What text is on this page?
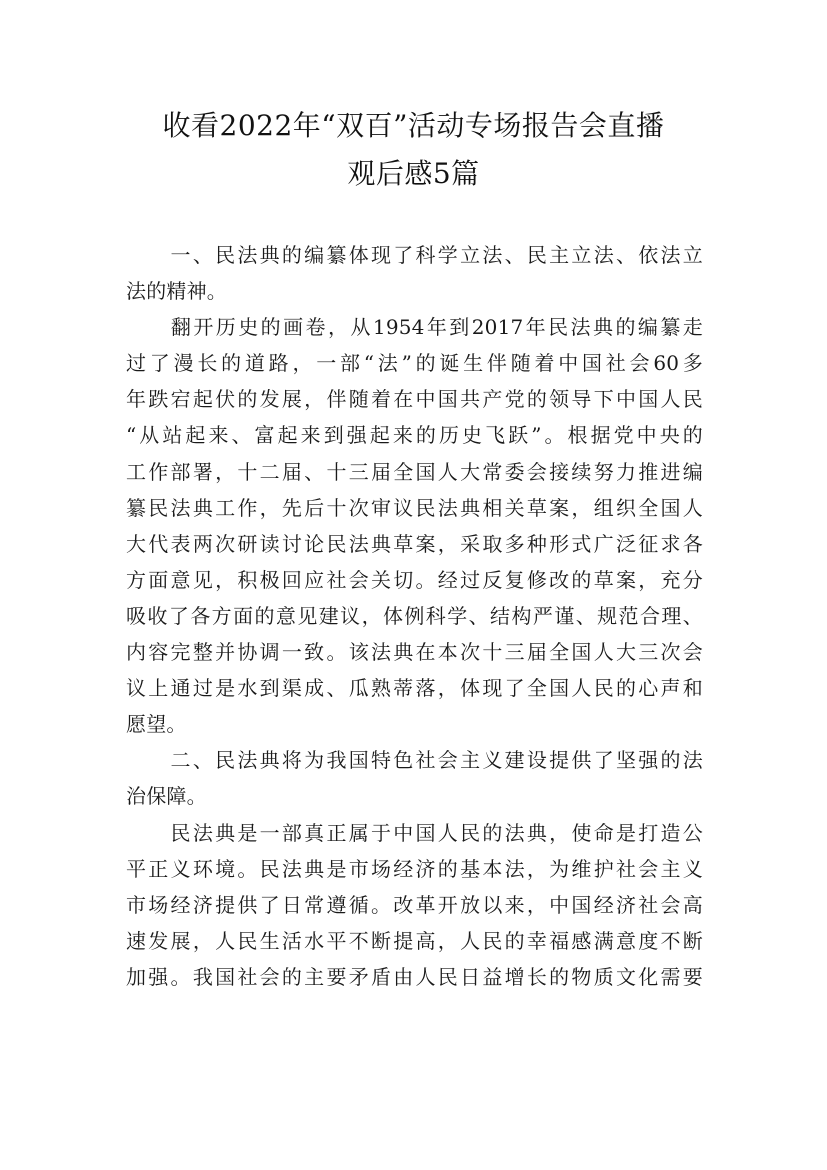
收看2022年“双百”活动专场报告会直播
观后感5篇
　　一、民法典的编纂体现了科学立法、民主立法、依法立
法的精神。
　　翻开历史的画卷，从1954年到2017年民法典的编纂走
过了漫长的道路，一部“法”的诞生伴随着中国社会60多
年跌宕起伏的发展，伴随着在中国共产党的领导下中国人民
“从站起来、富起来到强起来的历史飞跃”。根据党中央的
工作部署，十二届、十三届全国人大常委会接续努力推进编
纂民法典工作，先后十次审议民法典相关草案，组织全国人
大代表两次研读讨论民法典草案，采取多种形式广泛征求各
方面意见，积极回应社会关切。经过反复修改的草案，充分
吸收了各方面的意见建议，体例科学、结构严谨、规范合理、
内容完整并协调一致。该法典在本次十三届全国人大三次会
议上通过是水到渠成、瓜熟蒂落，体现了全国人民的心声和
愿望。
　　二、民法典将为我国特色社会主义建设提供了坚强的法
治保障。
　　民法典是一部真正属于中国人民的法典，使命是打造公
平正义环境。民法典是市场经济的基本法，为维护社会主义
市场经济提供了日常遵循。改革开放以来，中国经济社会高
速发展，人民生活水平不断提高，人民的幸福感满意度不断
加强。我国社会的主要矛盾由人民日益增长的物质文化需要
